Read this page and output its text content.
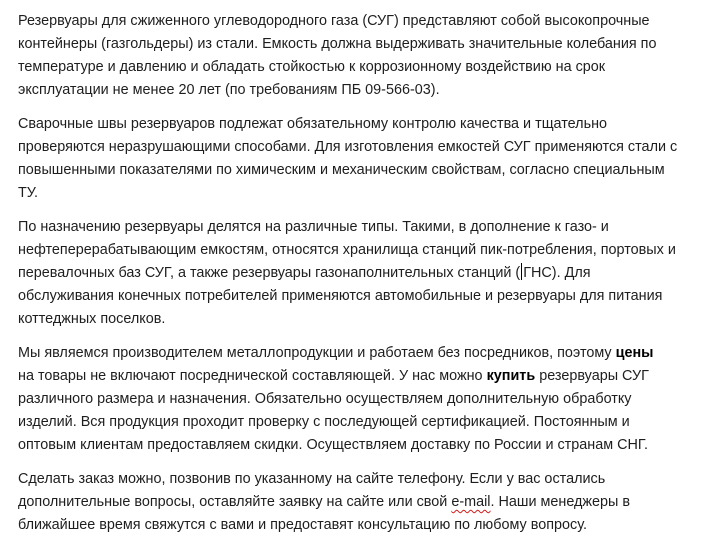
Резервуары для сжиженного углеводородного газа (СУГ) представляют собой высокопрочные
контейнеры (газгольдеры) из стали. Емкость должна выдерживать значительные колебания по
температуре и давлению и обладать стойкостью к коррозионному воздействию на срок
эксплуатации не менее 20 лет (по требованиям ПБ 09-566-03).

Сварочные швы резервуаров подлежат обязательному контролю качества и тщательно
проверяются неразрушающими способами. Для изготовления емкостей СУГ применяются стали с
повышенными показателями по химическим и механическим свойствам, согласно специальным
ТУ.

По назначению резервуары делятся на различные типы. Такими, в дополнение к газо- и
нефтеперерабатывающим емкостям, относятся хранилища станций пик-потребления, портовых и
перевалочных баз СУГ, а также резервуары газонаполнительных станций ( ГНС). Для
обслуживания конечных потребителей применяются автомобильные и резервуары для питания
коттеджных поселков.

Мы являемся производителем металлопродукции и работаем без посредников, поэтому цены
на товары не включают посреднической составляющей. У нас можно купить резервуары СУГ
различного размера и назначения. Обязательно осуществляем дополнительную обработку
изделий. Вся продукция проходит проверку с последующей сертификацией. Постоянным и
оптовым клиентам предоставляем скидки. Осуществляем доставку по России и странам СНГ.

Сделать заказ можно, позвонив по указанному на сайте телефону. Если у вас остались
дополнительные вопросы, оставляйте заявку на сайте или свой e-mail. Наши менеджеры в
ближайшее время свяжутся с вами и предоставят консультацию по любому вопросу.
